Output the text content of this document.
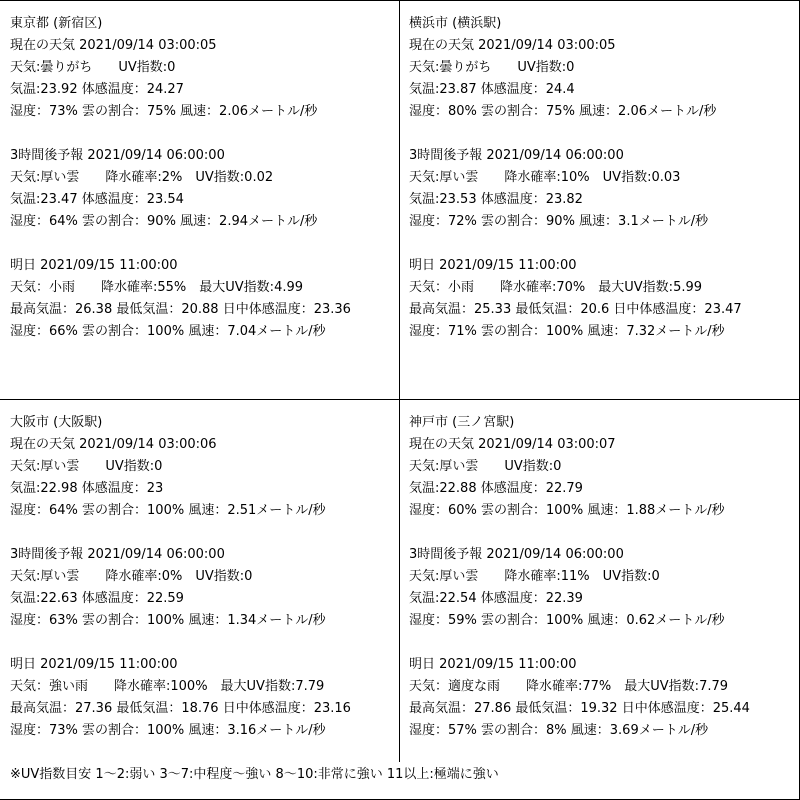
東京都 (新宿区)
現在の天気 2021/09/14 03:00:05
天気:曇りがち　　UV指数:0
気温:23.92 体感温度：24.27
湿度：73% 雲の割合：75% 風速：2.06メートル/秒
3時間後予報 2021/09/14 06:00:00
天気:厚い雲　　降水確率:2%　UV指数:0.02
気温:23.47 体感温度：23.54
湿度：64% 雲の割合：90% 風速：2.94メートル/秒
明日 2021/09/15 11:00:00
天気：小雨　　降水確率:55%　最大UV指数:4.99
最高気温：26.38 最低気温：20.88 日中体感温度：23.36
湿度：66% 雲の割合：100% 風速：7.04メートル/秒
横浜市 (横浜駅)
現在の天気 2021/09/14 03:00:05
天気:曇りがち　　UV指数:0
気温:23.87 体感温度：24.4
湿度：80% 雲の割合：75% 風速：2.06メートル/秒
3時間後予報 2021/09/14 06:00:00
天気:厚い雲　　降水確率:10%　UV指数:0.03
気温:23.53 体感温度：23.82
湿度：72% 雲の割合：90% 風速：3.1メートル/秒
明日 2021/09/15 11:00:00
天気：小雨　　降水確率:70%　最大UV指数:5.99
最高気温：25.33 最低気温：20.6 日中体感温度：23.47
湿度：71% 雲の割合：100% 風速：7.32メートル/秒
大阪市 (大阪駅)
現在の天気 2021/09/14 03:00:06
天気:厚い雲　　UV指数:0
気温:22.98 体感温度：23
湿度：64% 雲の割合：100% 風速：2.51メートル/秒
3時間後予報 2021/09/14 06:00:00
天気:厚い雲　　降水確率:0%　UV指数:0
気温:22.63 体感温度：22.59
湿度：63% 雲の割合：100% 風速：1.34メートル/秒
明日 2021/09/15 11:00:00
天気：強い雨　　降水確率:100%　最大UV指数:7.79
最高気温：27.36 最低気温：18.76 日中体感温度：23.16
湿度：73% 雲の割合：100% 風速：3.16メートル/秒
神戸市 (三ノ宮駅)
現在の天気 2021/09/14 03:00:07
天気:厚い雲　　UV指数:0
気温:22.88 体感温度：22.79
湿度：60% 雲の割合：100% 風速：1.88メートル/秒
3時間後予報 2021/09/14 06:00:00
天気:厚い雲　　降水確率:11%　UV指数:0
気温:22.54 体感温度：22.39
湿度：59% 雲の割合：100% 風速：0.62メートル/秒
明日 2021/09/15 11:00:00
天気：適度な雨　　降水確率:77%　最大UV指数:7.79
最高気温：27.86 最低気温：19.32 日中体感温度：25.44
湿度：57% 雲の割合：8% 風速：3.69メートル/秒
※UV指数目安 1〜2:弱い 3〜7:中程度〜強い 8〜10:非常に強い 11以上:極端に強い
